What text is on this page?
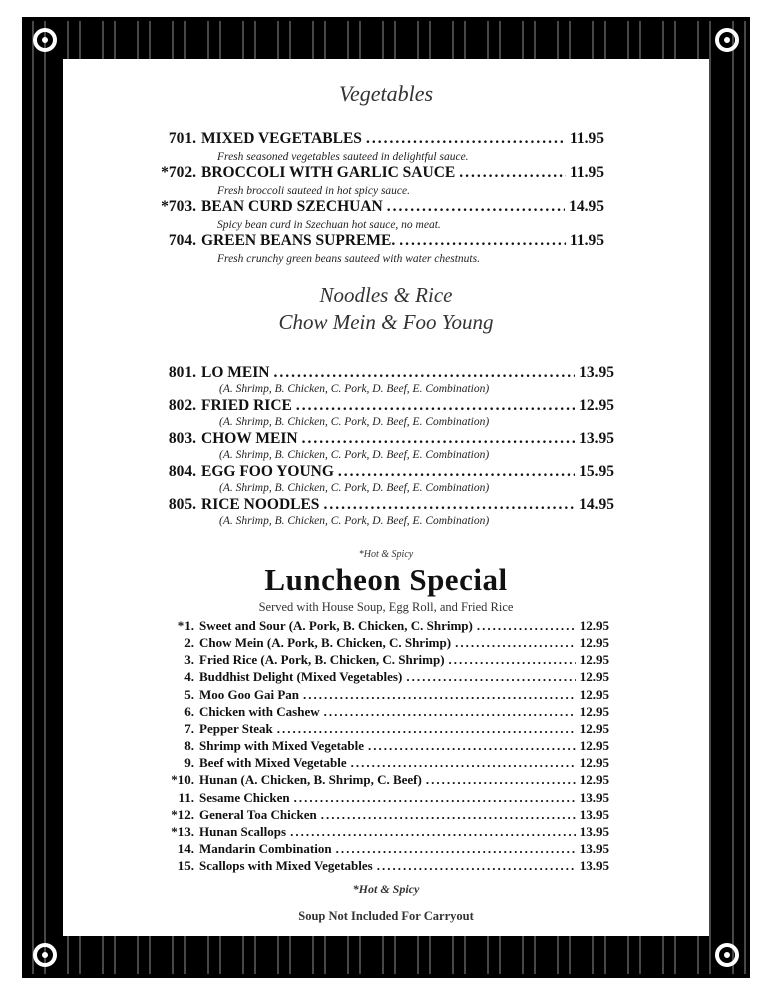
Vegetables
701. MIXED VEGETABLES .....	11.95
Fresh seasoned vegetables sauteed in delightful sauce.
*702. BROCCOLI WITH GARLIC SAUCE .....	11.95
Fresh broccoli sauteed in hot spicy sauce.
*703. BEAN CURD SZECHUAN .....	14.95
Spicy bean curd in Szechuan hot sauce, no meat.
704. GREEN BEANS SUPREME. .....	11.95
Fresh crunchy green beans sauteed with water chestnuts.
Noodles & Rice
Chow Mein & Foo Young
801. LO MEIN .....	13.95
(A. Shrimp, B. Chicken, C. Pork, D. Beef, E. Combination)
802. FRIED RICE .....	12.95
(A. Shrimp, B. Chicken, C. Pork, D. Beef, E. Combination)
803. CHOW MEIN .....	13.95
(A. Shrimp, B. Chicken, C. Pork, D. Beef, E. Combination)
804. EGG FOO YOUNG .....	15.95
(A. Shrimp, B. Chicken, C. Pork, D. Beef, E. Combination)
805. RICE NOODLES .....	14.95
(A. Shrimp, B. Chicken, C. Pork, D. Beef, E. Combination)
*Hot & Spicy
Luncheon Special
Served with House Soup, Egg Roll, and Fried Rice
*1. Sweet and Sour (A. Pork, B. Chicken, C. Shrimp) .....	12.95
2. Chow Mein (A. Pork, B. Chicken, C. Shrimp) .....	12.95
3. Fried Rice (A. Pork, B. Chicken, C. Shrimp) .....	12.95
4. Buddhist Delight (Mixed Vegetables) .....	12.95
5. Moo Goo Gai Pan .....	12.95
6. Chicken with Cashew .....	12.95
7. Pepper Steak .....	12.95
8. Shrimp with Mixed Vegetable .....	12.95
9. Beef with Mixed Vegetable .....	12.95
*10. Hunan (A. Chicken, B. Shrimp, C. Beef) .....	12.95
11. Sesame Chicken .....	13.95
*12. General Toa Chicken .....	13.95
*13. Hunan Scallops .....	13.95
14. Mandarin Combination .....	13.95
15. Scallops with Mixed Vegetables .....	13.95
*Hot & Spicy
Soup Not Included For Carryout
